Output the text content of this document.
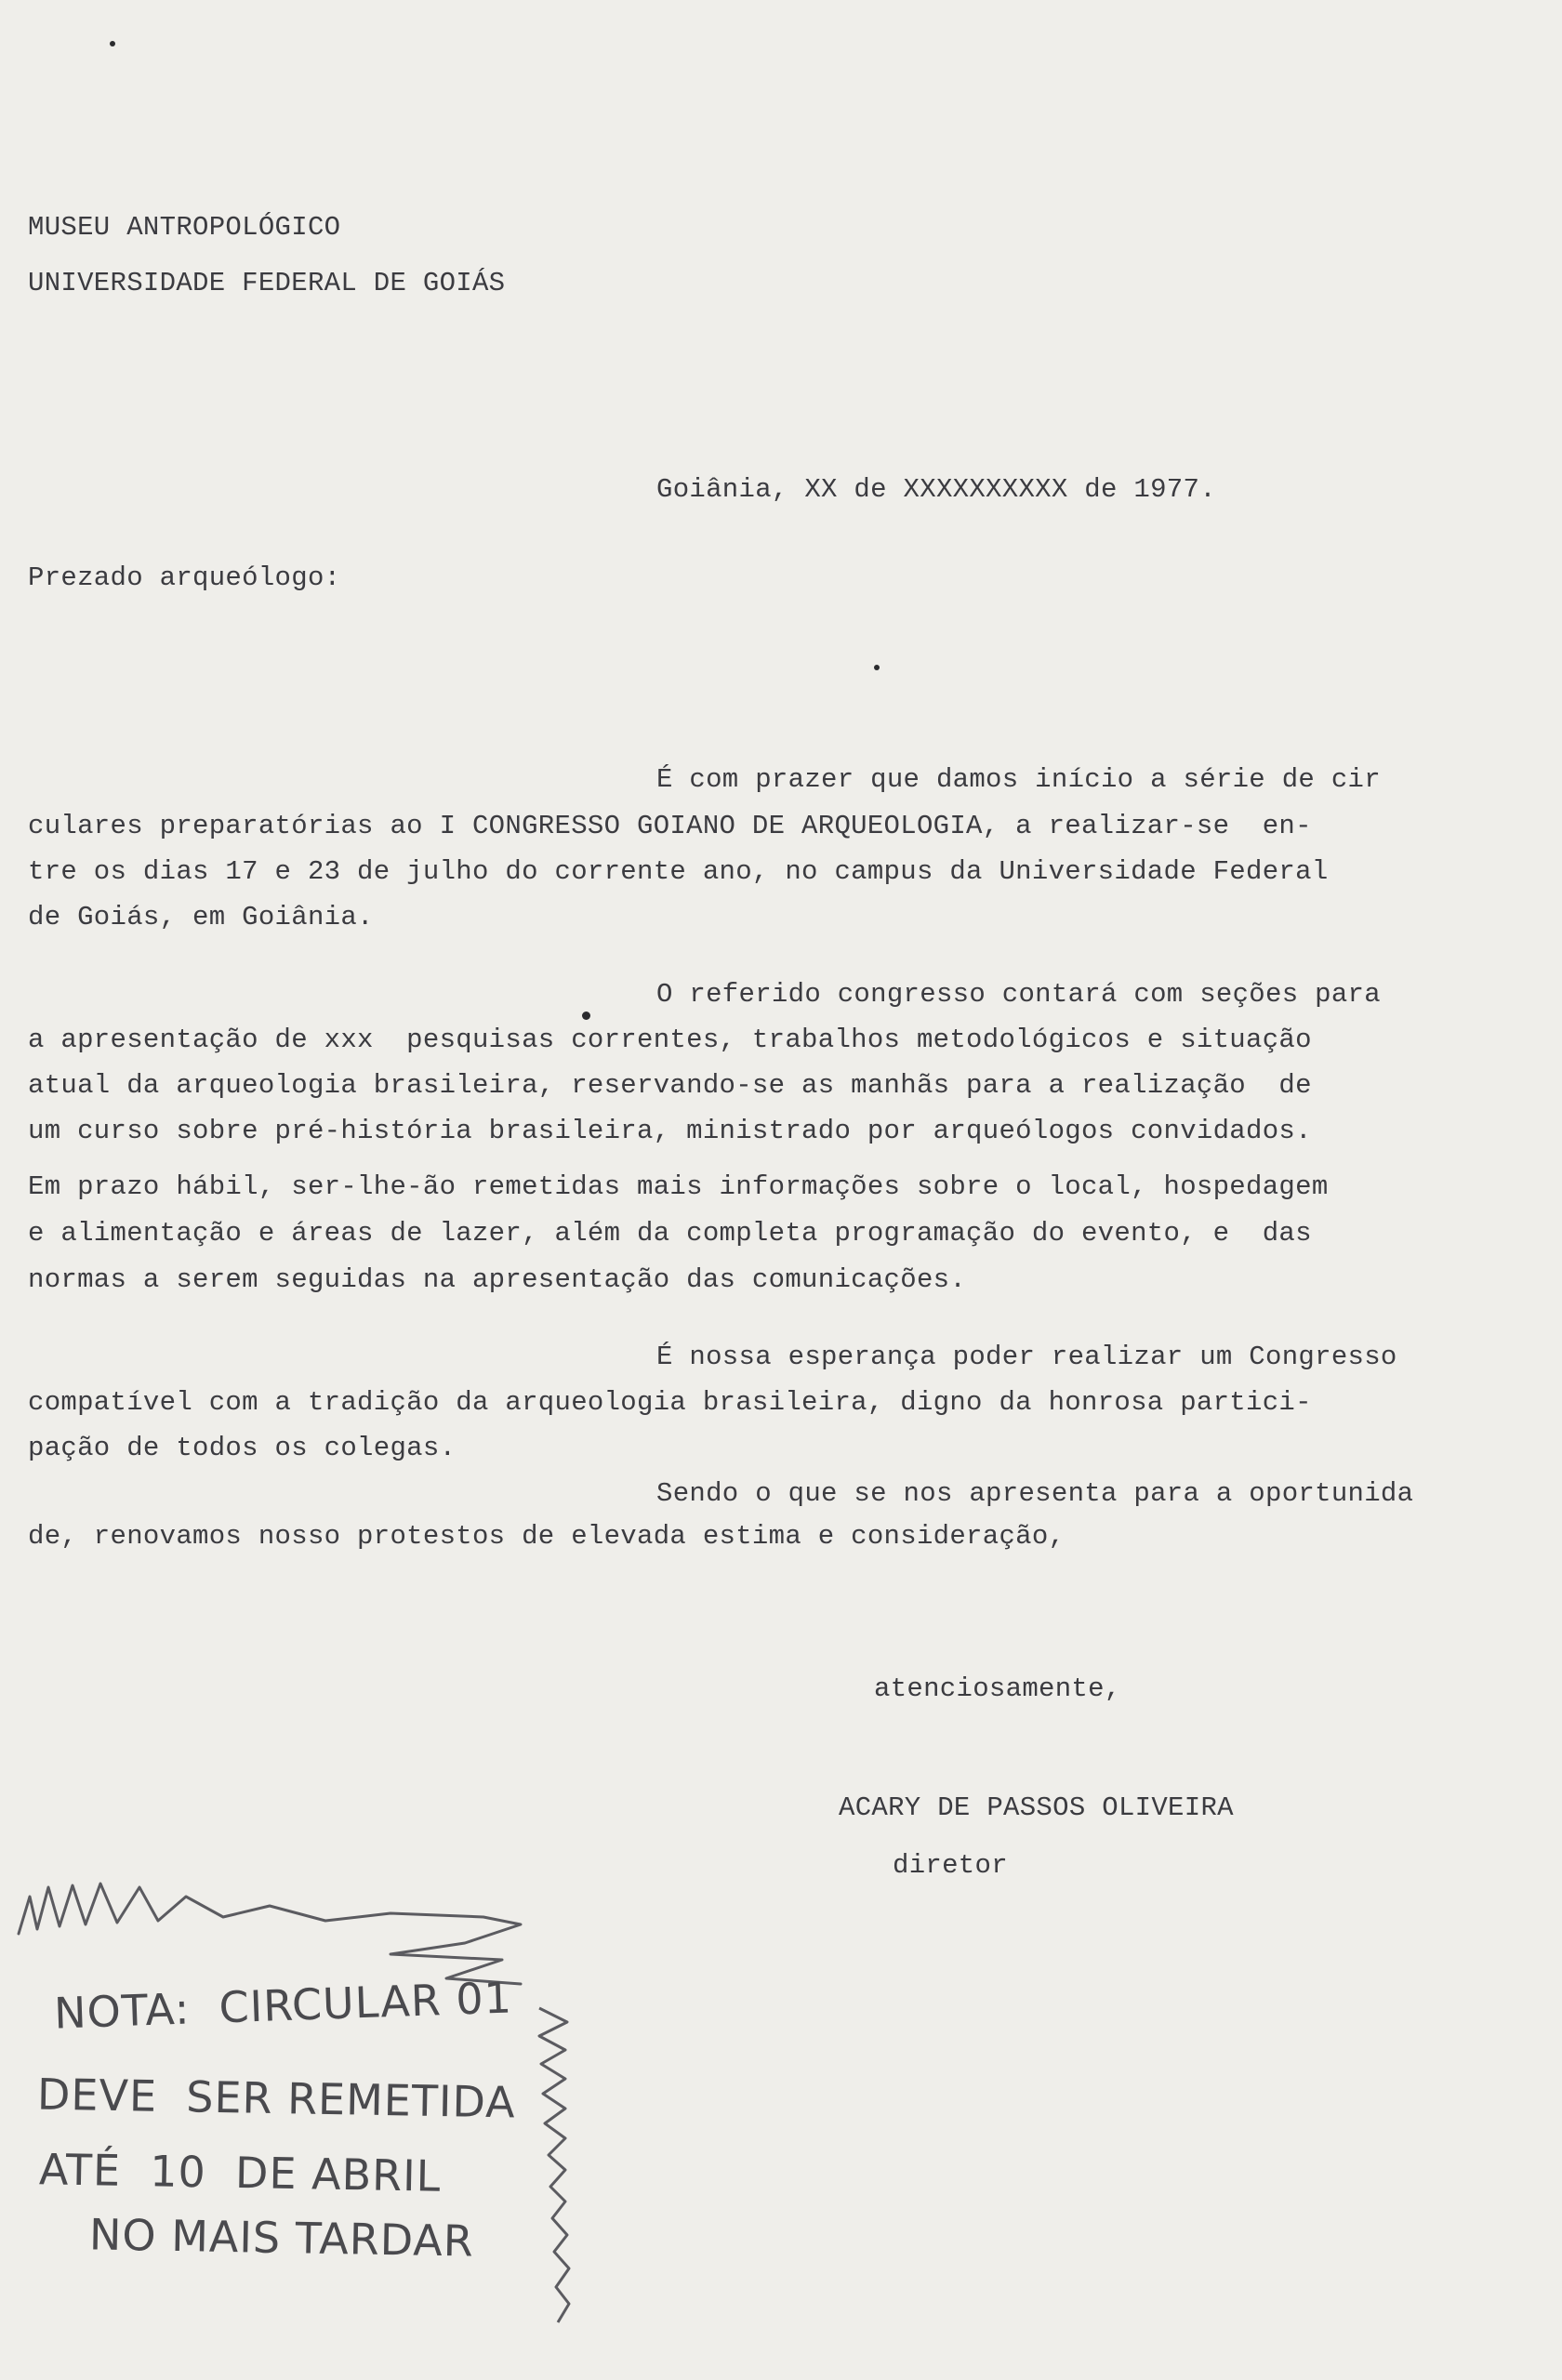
MUSEU ANTROPOLÓGICO
UNIVERSIDADE FEDERAL DE GOIÁS
Goiânia, XX de XXXXXXXXXX de 1977.
Prezado arqueólogo:
É com prazer que damos início a série de cir
culares preparatórias ao I CONGRESSO GOIANO DE ARQUEOLOGIA, a realizar-se  en-
tre os dias 17 e 23 de julho do corrente ano, no campus da Universidade Federal
de Goiás, em Goiânia.
O referido congresso contará com seções para
a apresentação de xxx  pesquisas correntes, trabalhos metodológicos e situação
atual da arqueologia brasileira, reservando-se as manhãs para a realização  de
um curso sobre pré-história brasileira, ministrado por arqueólogos convidados.
Em prazo hábil, ser-lhe-ão remetidas mais informações sobre o local, hospedagem
e alimentação e áreas de lazer, além da completa programação do evento, e  das
normas a serem seguidas na apresentação das comunicações.
É nossa esperança poder realizar um Congresso
compatível com a tradição da arqueologia brasileira, digno da honrosa partici-
pação de todos os colegas.
Sendo o que se nos apresenta para a oportunida
de, renovamos nosso protestos de elevada estima e consideração,
atenciosamente,
ACARY DE PASSOS OLIVEIRA
diretor
NOTA:  CIRCULAR 01
DEVE  SER REMETIDA
ATÉ  10  DE ABRIL
NO MAIS TARDAR
